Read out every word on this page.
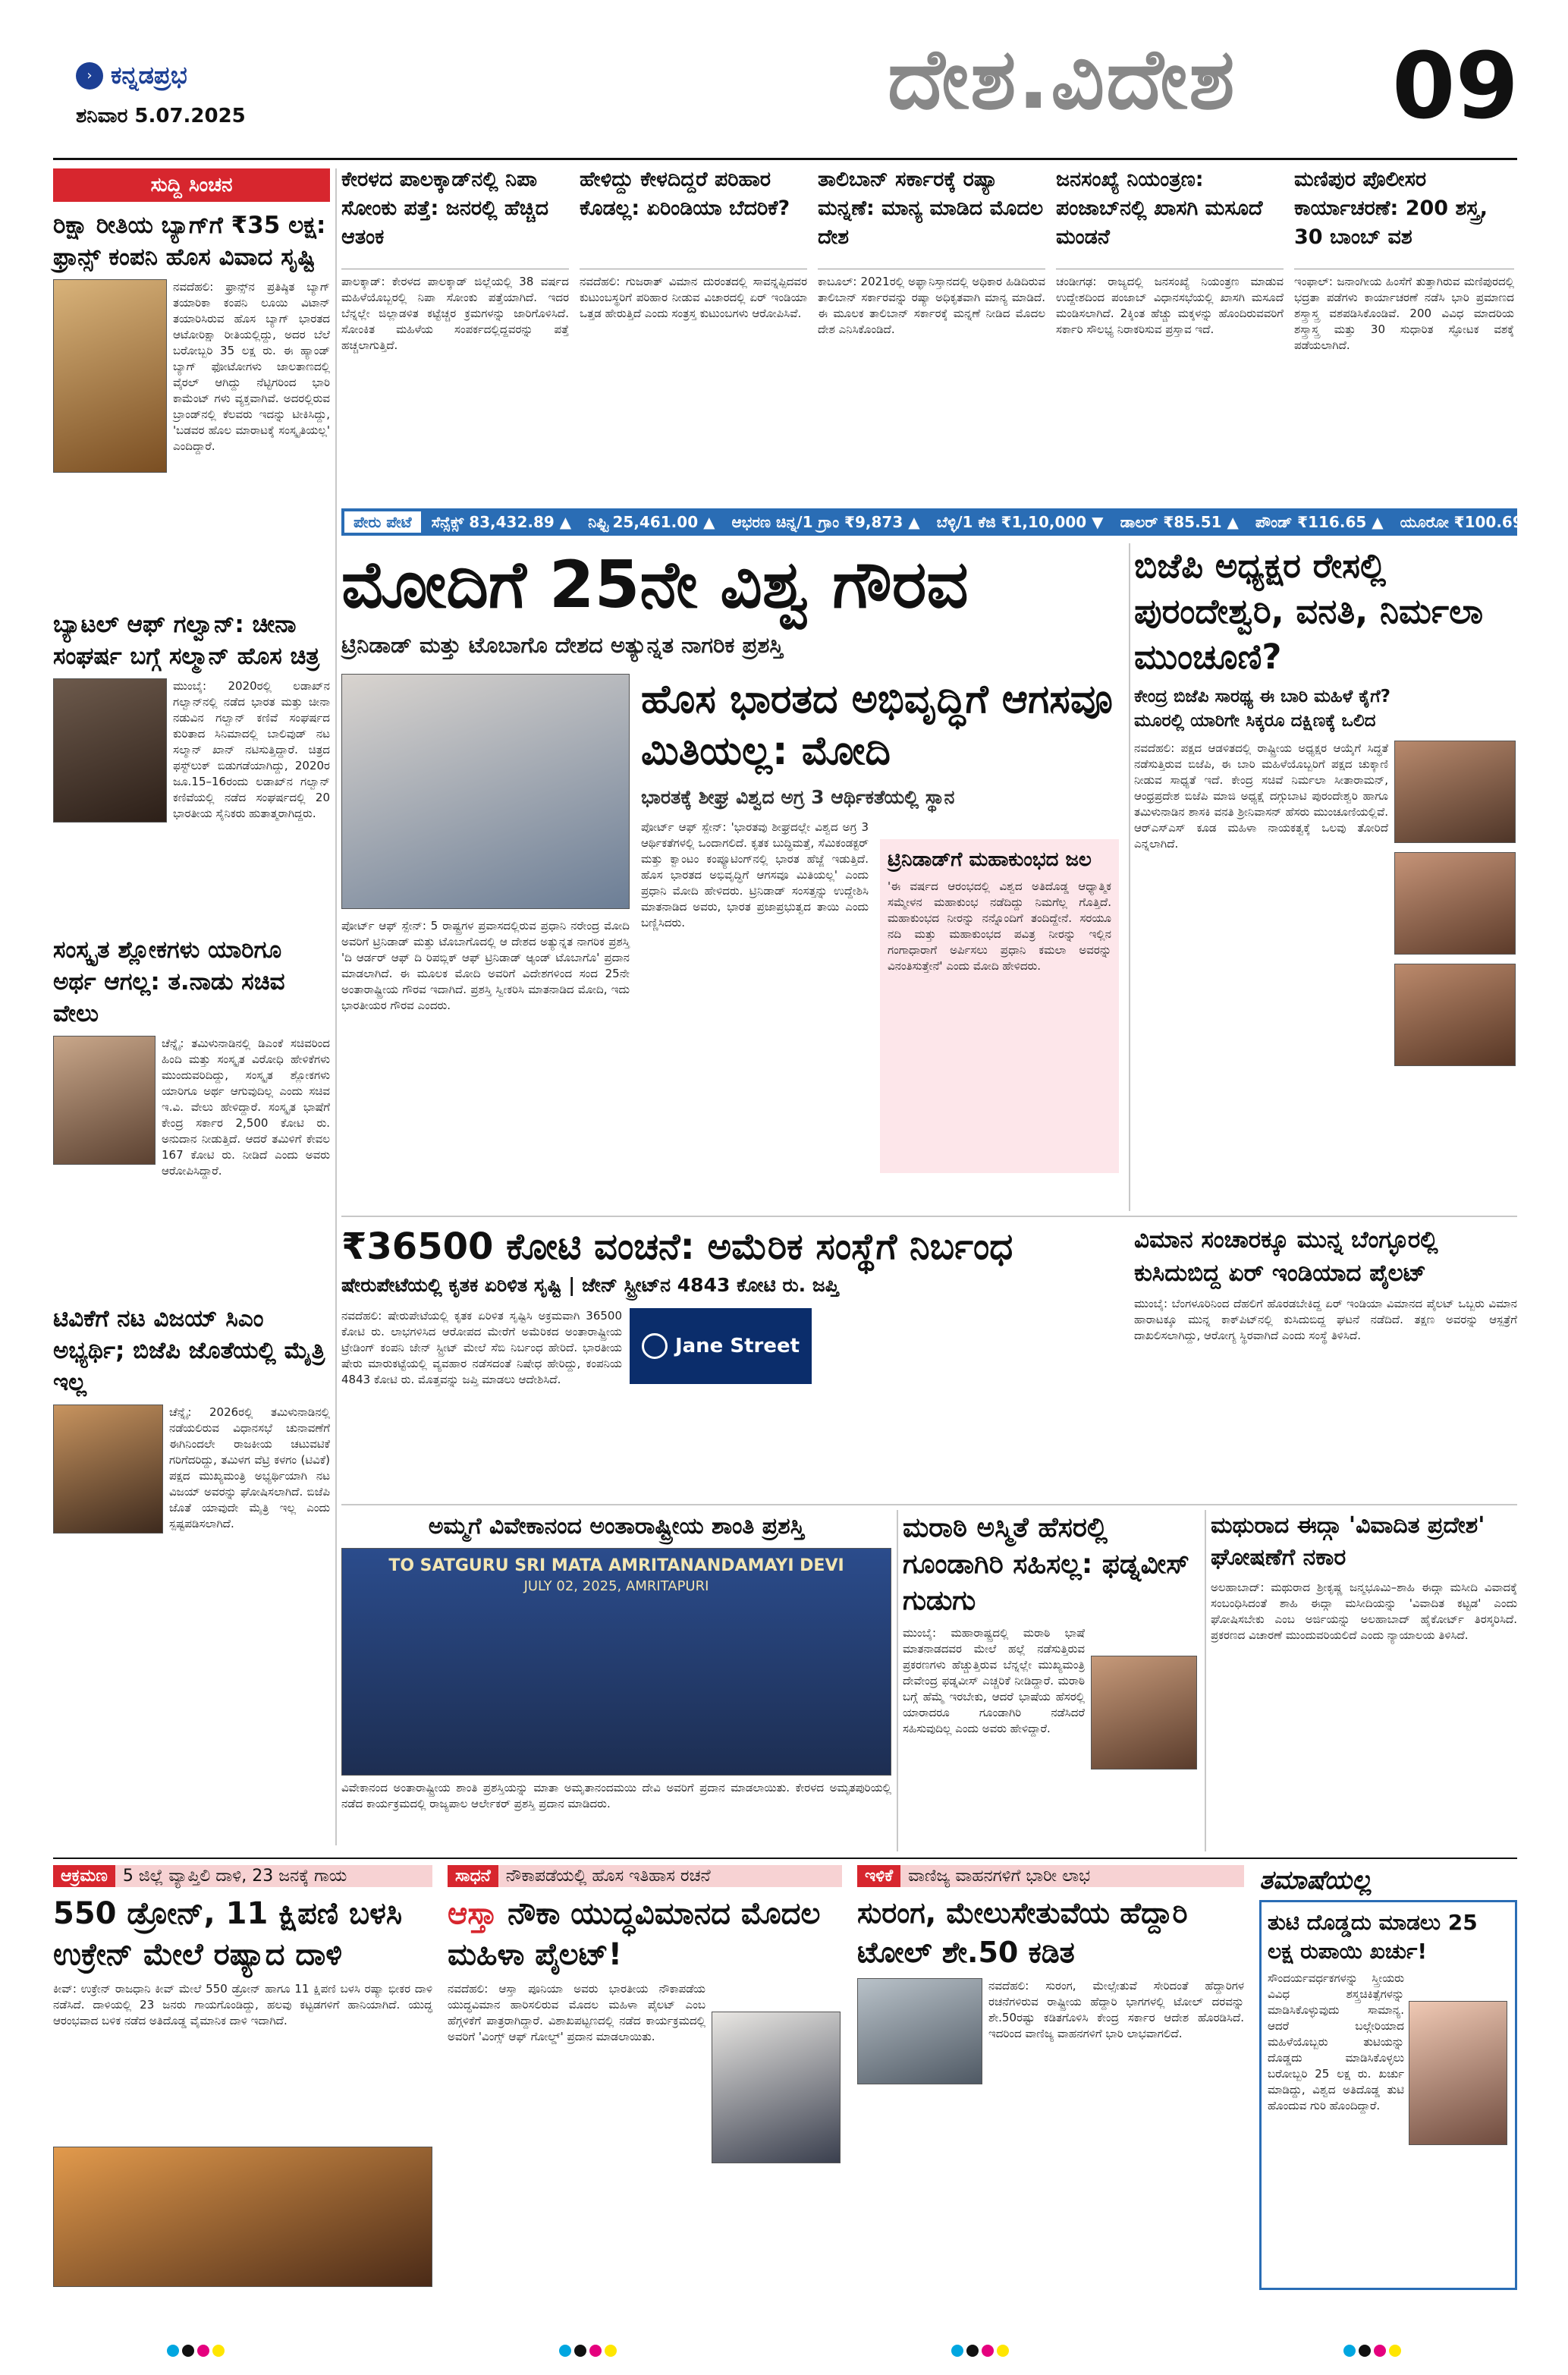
› ಕನ್ನಡಪ್ರಭ
ಶನಿವಾರ 5.07.2025	ದೇಶ.ವಿದೇಶ 09
ಸುದ್ದಿ ಸಿಂಚನ
ರಿಕ್ಷಾ ರೀತಿಯ ಬ್ಯಾಗ್‌ಗೆ ₹35 ಲಕ್ಷ: ಫ್ರಾನ್ಸ್‌ ಕಂಪನಿ ಹೊಸ ವಿವಾದ ಸೃಷ್ಟಿ
ನವದೆಹಲಿ: ಫ್ರಾನ್ಸ್‌ನ ಪ್ರತಿಷ್ಠಿತ ಬ್ಯಾಗ್‌ ತಯಾರಿಕಾ ಕಂಪನಿ ಲೂಯಿ ವಿಟಾನ್‌ ತಯಾರಿಸಿರುವ ಹೊಸ ಬ್ಯಾಗ್‌ ಭಾರತದ ಆಟೋರಿಕ್ಷಾ ರೀತಿಯಲ್ಲಿದ್ದು, ಅದರ ಬೆಲೆ ಬರೋಬ್ಬರಿ 35 ಲಕ್ಷ ರು. ಈ ಹ್ಯಾಂಡ್‌ ಬ್ಯಾಗ್‌ ಫೋಟೋಗಳು ಜಾಲತಾಣದಲ್ಲಿ ವೈರಲ್‌ ಆಗಿದ್ದು ನೆಟ್ಟಿಗರಿಂದ ಭಾರಿ ಕಾಮೆಂಟ್‌ ಗಳು ವ್ಯಕ್ತವಾಗಿವೆ. ಅದರಲ್ಲಿರುವ ಬ್ರಾಂಡ್‌ನಲ್ಲಿ ಕೆಲವರು ಇದನ್ನು ಟೀಕಿಸಿದ್ದು, 'ಬಡವರ ಹೊಲ ಮಾರಾಟಕ್ಕೆ ಸಂಸ್ಕೃತಿಯಲ್ಲ' ಎಂದಿದ್ದಾರೆ.
ಬ್ಯಾಟಲ್‌ ಆಫ್‌ ಗಲ್ವಾನ್‌: ಚೀನಾ ಸಂಘರ್ಷ ಬಗ್ಗೆ ಸಲ್ಮಾನ್‌ ಹೊಸ ಚಿತ್ರ
ಮುಂಬೈ: 2020ರಲ್ಲಿ ಲಡಾಖ್‌ನ ಗಲ್ವಾನ್‌ನಲ್ಲಿ ನಡೆದ ಭಾರತ ಮತ್ತು ಚೀನಾ ನಡುವಿನ ಗಲ್ವಾನ್‌ ಕಣಿವೆ ಸಂಘರ್ಷದ ಕುರಿತಾದ ಸಿನಿಮಾದಲ್ಲಿ ಬಾಲಿವುಡ್‌ ನಟ ಸಲ್ಮಾನ್‌ ಖಾನ್‌ ನಟಿಸುತ್ತಿದ್ದಾರೆ. ಚಿತ್ರದ ಫಸ್ಟ್‌ಲುಕ್‌ ಬಿಡುಗಡೆಯಾಗಿದ್ದು, 2020ರ ಜೂ.15–16ರಂದು ಲಡಾಖ್‌ನ ಗಲ್ವಾನ್‌ ಕಣಿವೆಯಲ್ಲಿ ನಡೆದ ಸಂಘರ್ಷದಲ್ಲಿ 20 ಭಾರತೀಯ ಸೈನಿಕರು ಹುತಾತ್ಮರಾಗಿದ್ದರು.
ಸಂಸ್ಕೃತ ಶ್ಲೋಕಗಳು ಯಾರಿಗೂ ಅರ್ಥ ಆಗಲ್ಲ: ತ.ನಾಡು ಸಚಿವ ವೇಲು
ಚೆನ್ನೈ: ತಮಿಳುನಾಡಿನಲ್ಲಿ ಡಿಎಂಕೆ ಸಚಿವರಿಂದ ಹಿಂದಿ ಮತ್ತು ಸಂಸ್ಕೃತ ವಿರೋಧಿ ಹೇಳಿಕೆಗಳು ಮುಂದುವರಿದಿದ್ದು, ಸಂಸ್ಕೃತ ಶ್ಲೋಕಗಳು ಯಾರಿಗೂ ಅರ್ಥ ಆಗುವುದಿಲ್ಲ ಎಂದು ಸಚಿವ ಇ.ವಿ. ವೇಲು ಹೇಳಿದ್ದಾರೆ. ಸಂಸ್ಕೃತ ಭಾಷೆಗೆ ಕೇಂದ್ರ ಸರ್ಕಾರ 2,500 ಕೋಟಿ ರು. ಅನುದಾನ ನೀಡುತ್ತಿದೆ. ಆದರೆ ತಮಿಳಿಗೆ ಕೇವಲ 167 ಕೋಟಿ ರು. ನೀಡಿದೆ ಎಂದು ಅವರು ಆರೋಪಿಸಿದ್ದಾರೆ.
ಟಿವಿಕೆಗೆ ನಟ ವಿಜಯ್‌ ಸಿಎಂ ಅಭ್ಯರ್ಥಿ; ಬಿಜೆಪಿ ಜೊತೆಯಲ್ಲಿ ಮೈತ್ರಿ ಇಲ್ಲ
ಚೆನ್ನೈ: 2026ರಲ್ಲಿ ತಮಿಳುನಾಡಿನಲ್ಲಿ ನಡೆಯಲಿರುವ ವಿಧಾನಸಭೆ ಚುನಾವಣೆಗೆ ಈಗಿನಿಂದಲೇ ರಾಜಕೀಯ ಚಟುವಟಿಕೆ ಗರಿಗೆದರಿದ್ದು, ತಮಿಳಗ ವೆಟ್ರಿ ಕಳಗಂ (ಟಿವಿಕೆ) ಪಕ್ಷದ ಮುಖ್ಯಮಂತ್ರಿ ಅಭ್ಯರ್ಥಿಯಾಗಿ ನಟ ವಿಜಯ್‌ ಅವರನ್ನು ಘೋಷಿಸಲಾಗಿದೆ. ಬಿಜೆಪಿ ಜೊತೆ ಯಾವುದೇ ಮೈತ್ರಿ ಇಲ್ಲ ಎಂದು ಸ್ಪಷ್ಟಪಡಿಸಲಾಗಿದೆ.
ಕೇರಳದ ಪಾಲಕ್ಕಾಡ್‌ನಲ್ಲಿ ನಿಪಾ ಸೋಂಕು ಪತ್ತೆ: ಜನರಲ್ಲಿ ಹೆಚ್ಚಿದ ಆತಂಕ
ಪಾಲಕ್ಕಾಡ್‌: ಕೇರಳದ ಪಾಲಕ್ಕಾಡ್‌ ಜಿಲ್ಲೆಯಲ್ಲಿ 38 ವರ್ಷದ ಮಹಿಳೆಯೊಬ್ಬರಲ್ಲಿ ನಿಪಾ ಸೋಂಕು ಪತ್ತೆಯಾಗಿದೆ. ಇದರ ಬೆನ್ನಲ್ಲೇ ಜಿಲ್ಲಾಡಳಿತ ಕಟ್ಟೆಚ್ಚರ ಕ್ರಮಗಳನ್ನು ಜಾರಿಗೊಳಿಸಿದೆ. ಸೋಂಕಿತ ಮಹಿಳೆಯ ಸಂಪರ್ಕದಲ್ಲಿದ್ದವರನ್ನು ಪತ್ತೆ ಹಚ್ಚಲಾಗುತ್ತಿದೆ.
ಹೇಳಿದ್ದು ಕೇಳದಿದ್ದರೆ ಪರಿಹಾರ ಕೊಡಲ್ಲ: ಏರಿಂಡಿಯಾ ಬೆದರಿಕೆ?
ನವದೆಹಲಿ: ಗುಜರಾತ್‌ ವಿಮಾನ ದುರಂತದಲ್ಲಿ ಸಾವನ್ನಪ್ಪಿದವರ ಕುಟುಂಬಸ್ಥರಿಗೆ ಪರಿಹಾರ ನೀಡುವ ವಿಚಾರದಲ್ಲಿ ಏರ್‌ ಇಂಡಿಯಾ ಒತ್ತಡ ಹೇರುತ್ತಿದೆ ಎಂದು ಸಂತ್ರಸ್ತ ಕುಟುಂಬಗಳು ಆರೋಪಿಸಿವೆ.
ತಾಲಿಬಾನ್‌ ಸರ್ಕಾರಕ್ಕೆ ರಷ್ಯಾ ಮನ್ನಣೆ: ಮಾನ್ಯ ಮಾಡಿದ ಮೊದಲ ದೇಶ
ಕಾಬೂಲ್‌: 2021ರಲ್ಲಿ ಅಫ್ಘಾನಿಸ್ತಾನದಲ್ಲಿ ಅಧಿಕಾರ ಹಿಡಿದಿರುವ ತಾಲಿಬಾನ್‌ ಸರ್ಕಾರವನ್ನು ರಷ್ಯಾ ಅಧಿಕೃತವಾಗಿ ಮಾನ್ಯ ಮಾಡಿದೆ. ಈ ಮೂಲಕ ತಾಲಿಬಾನ್‌ ಸರ್ಕಾರಕ್ಕೆ ಮನ್ನಣೆ ನೀಡಿದ ಮೊದಲ ದೇಶ ಎನಿಸಿಕೊಂಡಿದೆ.
ಜನಸಂಖ್ಯೆ ನಿಯಂತ್ರಣ: ಪಂಜಾಬ್‌ನಲ್ಲಿ ಖಾಸಗಿ ಮಸೂದೆ ಮಂಡನೆ
ಚಂಡೀಗಢ: ರಾಜ್ಯದಲ್ಲಿ ಜನಸಂಖ್ಯೆ ನಿಯಂತ್ರಣ ಮಾಡುವ ಉದ್ದೇಶದಿಂದ ಪಂಜಾಬ್‌ ವಿಧಾನಸಭೆಯಲ್ಲಿ ಖಾಸಗಿ ಮಸೂದೆ ಮಂಡಿಸಲಾಗಿದೆ. 2ಕ್ಕಿಂತ ಹೆಚ್ಚು ಮಕ್ಕಳನ್ನು ಹೊಂದಿರುವವರಿಗೆ ಸರ್ಕಾರಿ ಸೌಲಭ್ಯ ನಿರಾಕರಿಸುವ ಪ್ರಸ್ತಾವ ಇದೆ.
ಮಣಿಪುರ ಪೊಲೀಸರ ಕಾರ್ಯಾಚರಣೆ: 200 ಶಸ್ತ್ರ, 30 ಬಾಂಬ್‌ ವಶ
ಇಂಫಾಲ್‌: ಜನಾಂಗೀಯ ಹಿಂಸೆಗೆ ತುತ್ತಾಗಿರುವ ಮಣಿಪುರದಲ್ಲಿ ಭದ್ರತಾ ಪಡೆಗಳು ಕಾರ್ಯಾಚರಣೆ ನಡೆಸಿ ಭಾರಿ ಪ್ರಮಾಣದ ಶಸ್ತ್ರಾಸ್ತ್ರ ವಶಪಡಿಸಿಕೊಂಡಿವೆ. 200 ವಿವಿಧ ಮಾದರಿಯ ಶಸ್ತ್ರಾಸ್ತ್ರ ಮತ್ತು 30 ಸುಧಾರಿತ ಸ್ಫೋಟಕ ವಶಕ್ಕೆ ಪಡೆಯಲಾಗಿದೆ.
ಪೇರು ಪೇಟೆ	ಸೆನ್ಸೆಕ್ಸ್‌ 83,432.89 ▲ ನಿಫ್ಟಿ 25,461.00 ▲ ಆಭರಣ ಚಿನ್ನ/1 ಗ್ರಾಂ ₹9,873 ▲ ಬೆಳ್ಳಿ/1 ಕೆಜಿ ₹1,10,000 ▼ ಡಾಲರ್‌ ₹85.51 ▲ ಪೌಂಡ್‌ ₹116.65 ▲ ಯೂರೋ ₹100.69 ▲
ಮೋದಿಗೆ 25ನೇ ವಿಶ್ವ ಗೌರವ
ಟ್ರಿನಿಡಾಡ್‌ ಮತ್ತು ಟೊಬಾಗೊ ದೇಶದ ಅತ್ಯುನ್ನತ ನಾಗರಿಕ ಪ್ರಶಸ್ತಿ
ಪೋರ್ಟ್‌ ಆಫ್‌ ಸ್ಪೇನ್‌: 5 ರಾಷ್ಟ್ರಗಳ ಪ್ರವಾಸದಲ್ಲಿರುವ ಪ್ರಧಾನಿ ನರೇಂದ್ರ ಮೋದಿ ಅವರಿಗೆ ಟ್ರಿನಿಡಾಡ್‌ ಮತ್ತು ಟೊಬಾಗೊದಲ್ಲಿ ಆ ದೇಶದ ಅತ್ಯುನ್ನತ ನಾಗರಿಕ ಪ್ರಶಸ್ತಿ 'ದಿ ಆರ್ಡರ್‌ ಆಫ್‌ ದಿ ರಿಪಬ್ಲಿಕ್‌ ಆಫ್‌ ಟ್ರಿನಿಡಾಡ್‌ ಆ್ಯಂಡ್‌ ಟೊಬಾಗೊ' ಪ್ರದಾನ ಮಾಡಲಾಗಿದೆ. ಈ ಮೂಲಕ ಮೋದಿ ಅವರಿಗೆ ವಿದೇಶಗಳಿಂದ ಸಂದ 25ನೇ ಅಂತಾರಾಷ್ಟ್ರೀಯ ಗೌರವ ಇದಾಗಿದೆ. ಪ್ರಶಸ್ತಿ ಸ್ವೀಕರಿಸಿ ಮಾತನಾಡಿದ ಮೋದಿ, ಇದು ಭಾರತೀಯರ ಗೌರವ ಎಂದರು.
ಹೊಸ ಭಾರತದ ಅಭಿವೃದ್ಧಿಗೆ ಆಗಸವೂ ಮಿತಿಯಲ್ಲ: ಮೋದಿ
ಭಾರತಕ್ಕೆ ಶೀಘ್ರ ವಿಶ್ವದ ಅಗ್ರ 3 ಆರ್ಥಿಕತೆಯಲ್ಲಿ ಸ್ಥಾನ
ಪೋರ್ಟ್‌ ಆಫ್‌ ಸ್ಪೇನ್‌: 'ಭಾರತವು ಶೀಘ್ರದಲ್ಲೇ ವಿಶ್ವದ ಅಗ್ರ 3 ಆರ್ಥಿಕತೆಗಳಲ್ಲಿ ಒಂದಾಗಲಿದೆ. ಕೃತಕ ಬುದ್ಧಿಮತ್ತೆ, ಸೆಮಿಕಂಡಕ್ಟರ್‌ ಮತ್ತು ಕ್ವಾಂಟಂ ಕಂಪ್ಯೂಟಿಂಗ್‌ನಲ್ಲಿ ಭಾರತ ಹೆಜ್ಜೆ ಇಡುತ್ತಿದೆ. ಹೊಸ ಭಾರತದ ಅಭಿವೃದ್ಧಿಗೆ ಆಗಸವೂ ಮಿತಿಯಲ್ಲ' ಎಂದು ಪ್ರಧಾನಿ ಮೋದಿ ಹೇಳಿದರು. ಟ್ರಿನಿಡಾಡ್‌ ಸಂಸತ್ತನ್ನು ಉದ್ದೇಶಿಸಿ ಮಾತನಾಡಿದ ಅವರು, ಭಾರತ ಪ್ರಜಾಪ್ರಭುತ್ವದ ತಾಯಿ ಎಂದು ಬಣ್ಣಿಸಿದರು.
ಟ್ರಿನಿಡಾಡ್‌ಗೆ ಮಹಾಕುಂಭದ ಜಲ
'ಈ ವರ್ಷದ ಆರಂಭದಲ್ಲಿ ವಿಶ್ವದ ಅತಿದೊಡ್ಡ ಆಧ್ಯಾತ್ಮಿಕ ಸಮ್ಮೇಳನ ಮಹಾಕುಂಭ ನಡೆದಿದ್ದು ನಿಮಗೆಲ್ಲ ಗೊತ್ತಿದೆ. ಮಹಾಕುಂಭದ ನೀರನ್ನು ನನ್ನೊಂದಿಗೆ ತಂದಿದ್ದೇನೆ. ಸರಯೂ ನದಿ ಮತ್ತು ಮಹಾಕುಂಭದ ಪವಿತ್ರ ನೀರನ್ನು ಇಲ್ಲಿನ ಗಂಗಾಧಾರಾಗೆ ಅರ್ಪಿಸಲು ಪ್ರಧಾನಿ ಕಮಲಾ ಅವರನ್ನು ವಿನಂತಿಸುತ್ತೇನೆ' ಎಂದು ಮೋದಿ ಹೇಳಿದರು.
ಬಿಜೆಪಿ ಅಧ್ಯಕ್ಷರ ರೇಸಲ್ಲಿ ಪುರಂದೇಶ್ವರಿ, ವನತಿ, ನಿರ್ಮಲಾ ಮುಂಚೂಣಿ?
ಕೇಂದ್ರ ಬಿಜೆಪಿ ಸಾರಥ್ಯ ಈ ಬಾರಿ ಮಹಿಳೆ ಕೈಗೆ?
ಮೂರಲ್ಲಿ ಯಾರಿಗೇ ಸಿಕ್ಕರೂ ದಕ್ಷಿಣಕ್ಕೆ ಒಲಿದ
ನವದೆಹಲಿ: ಪಕ್ಷದ ಆಡಳಿತದಲ್ಲಿ ರಾಷ್ಟ್ರೀಯ ಅಧ್ಯಕ್ಷರ ಆಯ್ಕೆಗೆ ಸಿದ್ಧತೆ ನಡೆಸುತ್ತಿರುವ ಬಿಜೆಪಿ, ಈ ಬಾರಿ ಮಹಿಳೆಯೊಬ್ಬರಿಗೆ ಪಕ್ಷದ ಚುಕ್ಕಾಣಿ ನೀಡುವ ಸಾಧ್ಯತೆ ಇದೆ. ಕೇಂದ್ರ ಸಚಿವೆ ನಿರ್ಮಲಾ ಸೀತಾರಾಮನ್‌, ಆಂಧ್ರಪ್ರದೇಶ ಬಿಜೆಪಿ ಮಾಜಿ ಅಧ್ಯಕ್ಷೆ ದಗ್ಗುಬಾಟಿ ಪುರಂದೇಶ್ವರಿ ಹಾಗೂ ತಮಿಳುನಾಡಿನ ಶಾಸಕಿ ವನತಿ ಶ್ರೀನಿವಾಸನ್‌ ಹೆಸರು ಮುಂಚೂಣಿಯಲ್ಲಿವೆ. ಆರ್‌ಎಸ್‌ಎಸ್‌ ಕೂಡ ಮಹಿಳಾ ನಾಯಕತ್ವಕ್ಕೆ ಒಲವು ತೋರಿದೆ ಎನ್ನಲಾಗಿದೆ.
₹36500 ಕೋಟಿ ವಂಚನೆ: ಅಮೆರಿಕ ಸಂಸ್ಥೆಗೆ ನಿರ್ಬಂಧ
ಷೇರುಪೇಟೆಯಲ್ಲಿ ಕೃತಕ ಏರಿಳಿತ ಸೃಷ್ಟಿ | ಜೇನ್‌ ಸ್ಟ್ರೀಟ್‌ನ 4843 ಕೋಟಿ ರು. ಜಪ್ತಿ
Jane Street
ನವದೆಹಲಿ: ಷೇರುಪೇಟೆಯಲ್ಲಿ ಕೃತಕ ಏರಿಳಿತ ಸೃಷ್ಟಿಸಿ ಅಕ್ರಮವಾಗಿ 36500 ಕೋಟಿ ರು. ಲಾಭಗಳಿಸಿದ ಆರೋಪದ ಮೇರೆಗೆ ಅಮೆರಿಕದ ಅಂತಾರಾಷ್ಟ್ರೀಯ ಟ್ರೇಡಿಂಗ್‌ ಕಂಪನಿ ಜೇನ್‌ ಸ್ಟ್ರೀಟ್‌ ಮೇಲೆ ಸೆಬಿ ನಿರ್ಬಂಧ ಹೇರಿದೆ. ಭಾರತೀಯ ಷೇರು ಮಾರುಕಟ್ಟೆಯಲ್ಲಿ ವ್ಯವಹಾರ ನಡೆಸದಂತೆ ನಿಷೇಧ ಹೇರಿದ್ದು, ಕಂಪನಿಯ 4843 ಕೋಟಿ ರು. ಮೊತ್ತವನ್ನು ಜಪ್ತಿ ಮಾಡಲು ಆದೇಶಿಸಿದೆ.
ವಿಮಾನ ಸಂಚಾರಕ್ಕೂ ಮುನ್ನ ಬೆಂಗ್ಳೂರಲ್ಲಿ ಕುಸಿದುಬಿದ್ದ ಏರ್‌ ಇಂಡಿಯಾದ ಪೈಲಟ್‌
ಮುಂಬೈ: ಬೆಂಗಳೂರಿನಿಂದ ದೆಹಲಿಗೆ ಹೊರಡಬೇಕಿದ್ದ ಏರ್‌ ಇಂಡಿಯಾ ವಿಮಾನದ ಪೈಲಟ್‌ ಒಬ್ಬರು ವಿಮಾನ ಹಾರಾಟಕ್ಕೂ ಮುನ್ನ ಕಾಕ್‌ಪಿಟ್‌ನಲ್ಲಿ ಕುಸಿದುಬಿದ್ದ ಘಟನೆ ನಡೆದಿದೆ. ತಕ್ಷಣ ಅವರನ್ನು ಆಸ್ಪತ್ರೆಗೆ ದಾಖಲಿಸಲಾಗಿದ್ದು, ಆರೋಗ್ಯ ಸ್ಥಿರವಾಗಿದೆ ಎಂದು ಸಂಸ್ಥೆ ತಿಳಿಸಿದೆ.
ಅಮ್ಮಗೆ ವಿವೇಕಾನಂದ ಅಂತಾರಾಷ್ಟ್ರೀಯ ಶಾಂತಿ ಪ್ರಶಸ್ತಿ
TO SATGURU SRI MATA AMRITANANDAMAYI DEVI
JULY 02, 2025, AMRITAPURI
ವಿವೇಕಾನಂದ ಅಂತಾರಾಷ್ಟ್ರೀಯ ಶಾಂತಿ ಪ್ರಶಸ್ತಿಯನ್ನು ಮಾತಾ ಅಮೃತಾನಂದಮಯಿ ದೇವಿ ಅವರಿಗೆ ಪ್ರದಾನ ಮಾಡಲಾಯಿತು. ಕೇರಳದ ಅಮೃತಪುರಿಯಲ್ಲಿ ನಡೆದ ಕಾರ್ಯಕ್ರಮದಲ್ಲಿ ರಾಜ್ಯಪಾಲ ಆರ್ಲೇಕರ್‌ ಪ್ರಶಸ್ತಿ ಪ್ರದಾನ ಮಾಡಿದರು.
ಮರಾಠಿ ಅಸ್ಮಿತೆ ಹೆಸರಲ್ಲಿ ಗೂಂಡಾಗಿರಿ ಸಹಿಸಲ್ಲ: ಫಡ್ನವೀಸ್‌ ಗುಡುಗು
ಮುಂಬೈ: ಮಹಾರಾಷ್ಟ್ರದಲ್ಲಿ ಮರಾಠಿ ಭಾಷೆ ಮಾತನಾಡದವರ ಮೇಲೆ ಹಲ್ಲೆ ನಡೆಸುತ್ತಿರುವ ಪ್ರಕರಣಗಳು ಹೆಚ್ಚುತ್ತಿರುವ ಬೆನ್ನಲ್ಲೇ ಮುಖ್ಯಮಂತ್ರಿ ದೇವೇಂದ್ರ ಫಡ್ನವೀಸ್‌ ಎಚ್ಚರಿಕೆ ನೀಡಿದ್ದಾರೆ. ಮರಾಠಿ ಬಗ್ಗೆ ಹೆಮ್ಮೆ ಇರಬೇಕು, ಆದರೆ ಭಾಷೆಯ ಹೆಸರಲ್ಲಿ ಯಾರಾದರೂ ಗೂಂಡಾಗಿರಿ ನಡೆಸಿದರೆ ಸಹಿಸುವುದಿಲ್ಲ ಎಂದು ಅವರು ಹೇಳಿದ್ದಾರೆ.
ಮಥುರಾದ ಈದ್ಗಾ 'ವಿವಾದಿತ ಪ್ರದೇಶ' ಘೋಷಣೆಗೆ ನಕಾರ
ಅಲಹಾಬಾದ್‌: ಮಥುರಾದ ಶ್ರೀಕೃಷ್ಣ ಜನ್ಮಭೂಮಿ–ಶಾಹಿ ಈದ್ಗಾ ಮಸೀದಿ ವಿವಾದಕ್ಕೆ ಸಂಬಂಧಿಸಿದಂತೆ ಶಾಹಿ ಈದ್ಗಾ ಮಸೀದಿಯನ್ನು 'ವಿವಾದಿತ ಕಟ್ಟಡ' ಎಂದು ಘೋಷಿಸಬೇಕು ಎಂಬ ಅರ್ಜಿಯನ್ನು ಅಲಹಾಬಾದ್‌ ಹೈಕೋರ್ಟ್‌ ತಿರಸ್ಕರಿಸಿದೆ. ಪ್ರಕರಣದ ವಿಚಾರಣೆ ಮುಂದುವರಿಯಲಿದೆ ಎಂದು ನ್ಯಾಯಾಲಯ ತಿಳಿಸಿದೆ.
ಆಕ್ರಮಣ 5 ಜಿಲ್ಲೆ ವ್ಯಾಪ್ತಿಲಿ ದಾಳಿ, 23 ಜನಕ್ಕೆ ಗಾಯ
550 ಡ್ರೋನ್‌, 11 ಕ್ಷಿಪಣಿ ಬಳಸಿ ಉಕ್ರೇನ್‌ ಮೇಲೆ ರಷ್ಯಾದ ದಾಳಿ
ಕೀವ್‌: ಉಕ್ರೇನ್‌ ರಾಜಧಾನಿ ಕೀವ್‌ ಮೇಲೆ 550 ಡ್ರೋನ್‌ ಹಾಗೂ 11 ಕ್ಷಿಪಣಿ ಬಳಸಿ ರಷ್ಯಾ ಭೀಕರ ದಾಳಿ ನಡೆಸಿದೆ. ದಾಳಿಯಲ್ಲಿ 23 ಜನರು ಗಾಯಗೊಂಡಿದ್ದು, ಹಲವು ಕಟ್ಟಡಗಳಿಗೆ ಹಾನಿಯಾಗಿದೆ. ಯುದ್ಧ ಆರಂಭವಾದ ಬಳಿಕ ನಡೆದ ಅತಿದೊಡ್ಡ ವೈಮಾನಿಕ ದಾಳಿ ಇದಾಗಿದೆ.
ಸಾಧನೆ ನೌಕಾಪಡೆಯಲ್ಲಿ ಹೊಸ ಇತಿಹಾಸ ರಚನೆ
ಆಸ್ತಾ ನೌಕಾ ಯುದ್ಧವಿಮಾನದ ಮೊದಲ ಮಹಿಳಾ ಪೈಲಟ್‌!
ನವದೆಹಲಿ: ಆಸ್ತಾ ಪೂನಿಯಾ ಅವರು ಭಾರತೀಯ ನೌಕಾಪಡೆಯ ಯುದ್ಧವಿಮಾನ ಹಾರಿಸಲಿರುವ ಮೊದಲ ಮಹಿಳಾ ಪೈಲಟ್‌ ಎಂಬ ಹೆಗ್ಗಳಿಕೆಗೆ ಪಾತ್ರರಾಗಿದ್ದಾರೆ. ವಿಶಾಖಪಟ್ಟಣದಲ್ಲಿ ನಡೆದ ಕಾರ್ಯಕ್ರಮದಲ್ಲಿ ಅವರಿಗೆ 'ವಿಂಗ್ಸ್‌ ಆಫ್‌ ಗೋಲ್ಡ್‌' ಪ್ರದಾನ ಮಾಡಲಾಯಿತು.
ಇಳಿಕೆ ವಾಣಿಜ್ಯ ವಾಹನಗಳಿಗೆ ಭಾರೀ ಲಾಭ
ಸುರಂಗ, ಮೇಲುಸೇತುವೆಯ ಹೆದ್ದಾರಿ ಟೋಲ್‌ ಶೇ.50 ಕಡಿತ
ನವದೆಹಲಿ: ಸುರಂಗ, ಮೇಲ್ಸೇತುವೆ ಸೇರಿದಂತೆ ಹೆದ್ದಾರಿಗಳ ರಚನೆಗಳಿರುವ ರಾಷ್ಟ್ರೀಯ ಹೆದ್ದಾರಿ ಭಾಗಗಳಲ್ಲಿ ಟೋಲ್‌ ದರವನ್ನು ಶೇ.50ರಷ್ಟು ಕಡಿತಗೊಳಿಸಿ ಕೇಂದ್ರ ಸರ್ಕಾರ ಆದೇಶ ಹೊರಡಿಸಿದೆ. ಇದರಿಂದ ವಾಣಿಜ್ಯ ವಾಹನಗಳಿಗೆ ಭಾರಿ ಲಾಭವಾಗಲಿದೆ.
ತಮಾಷೆಯಲ್ಲ
ತುಟಿ ದೊಡ್ಡದು ಮಾಡಲು 25 ಲಕ್ಷ ರುಪಾಯಿ ಖರ್ಚು!
ಸೌಂದರ್ಯವರ್ಧಕಗಳನ್ನು ಸ್ತ್ರೀಯರು ವಿವಿಧ ಶಸ್ತ್ರಚಿಕಿತ್ಸೆಗಳನ್ನು ಮಾಡಿಸಿಕೊಳ್ಳುವುದು ಸಾಮಾನ್ಯ. ಆದರೆ ಬಲ್ಗೇರಿಯಾದ ಮಹಿಳೆಯೊಬ್ಬರು ತುಟಿಯನ್ನು ದೊಡ್ಡದು ಮಾಡಿಸಿಕೊಳ್ಳಲು ಬರೋಬ್ಬರಿ 25 ಲಕ್ಷ ರು. ಖರ್ಚು ಮಾಡಿದ್ದು, ವಿಶ್ವದ ಅತಿದೊಡ್ಡ ತುಟಿ ಹೊಂದುವ ಗುರಿ ಹೊಂದಿದ್ದಾರೆ.
